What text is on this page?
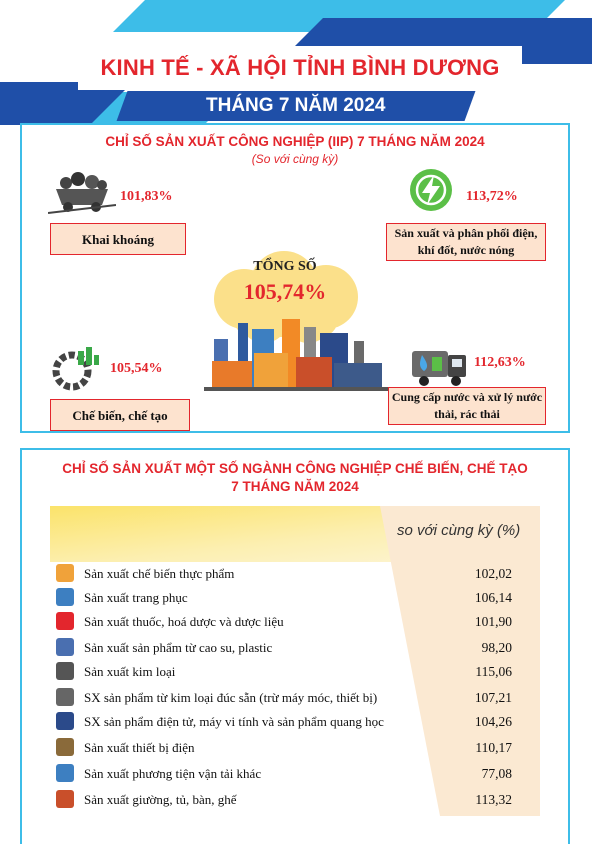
KINH TẾ - XÃ HỘI TỈNH BÌNH DƯƠNG
THÁNG 7 NĂM 2024
CHỈ SỐ SẢN XUẤT CÔNG NGHIỆP (IIP) 7 THÁNG NĂM 2024
(So với cùng kỳ)
101,83%
Khai khoáng
113,72%
Sản xuất và phân phối điện, khí đốt, nước nóng
TỔNG SỐ
105,74%
105,54%
Chế biến, chế tạo
112,63%
Cung cấp nước và xử lý nước thải, rác thải
CHỈ SỐ SẢN XUẤT MỘT SỐ NGÀNH CÔNG NGHIỆP CHẾ BIẾN, CHẾ TẠO
7 THÁNG NĂM 2024
so với cùng kỳ (%)
Sản xuất chế biến thực phẩm	102,02
Sản xuất trang phục	106,14
Sản xuất thuốc, hoá dược và dược liệu	101,90
Sản xuất sản phẩm từ cao su, plastic	98,20
Sản xuất kim loại	115,06
SX sản phẩm từ kim loại đúc sẵn (trừ máy móc, thiết bị)	107,21
SX sản phẩm điện tử, máy vi tính và sản phẩm quang học	104,26
Sản xuất thiết bị điện	110,17
Sản xuất phương tiện vận tải khác	77,08
Sản xuất giường, tủ, bàn, ghế	113,32
